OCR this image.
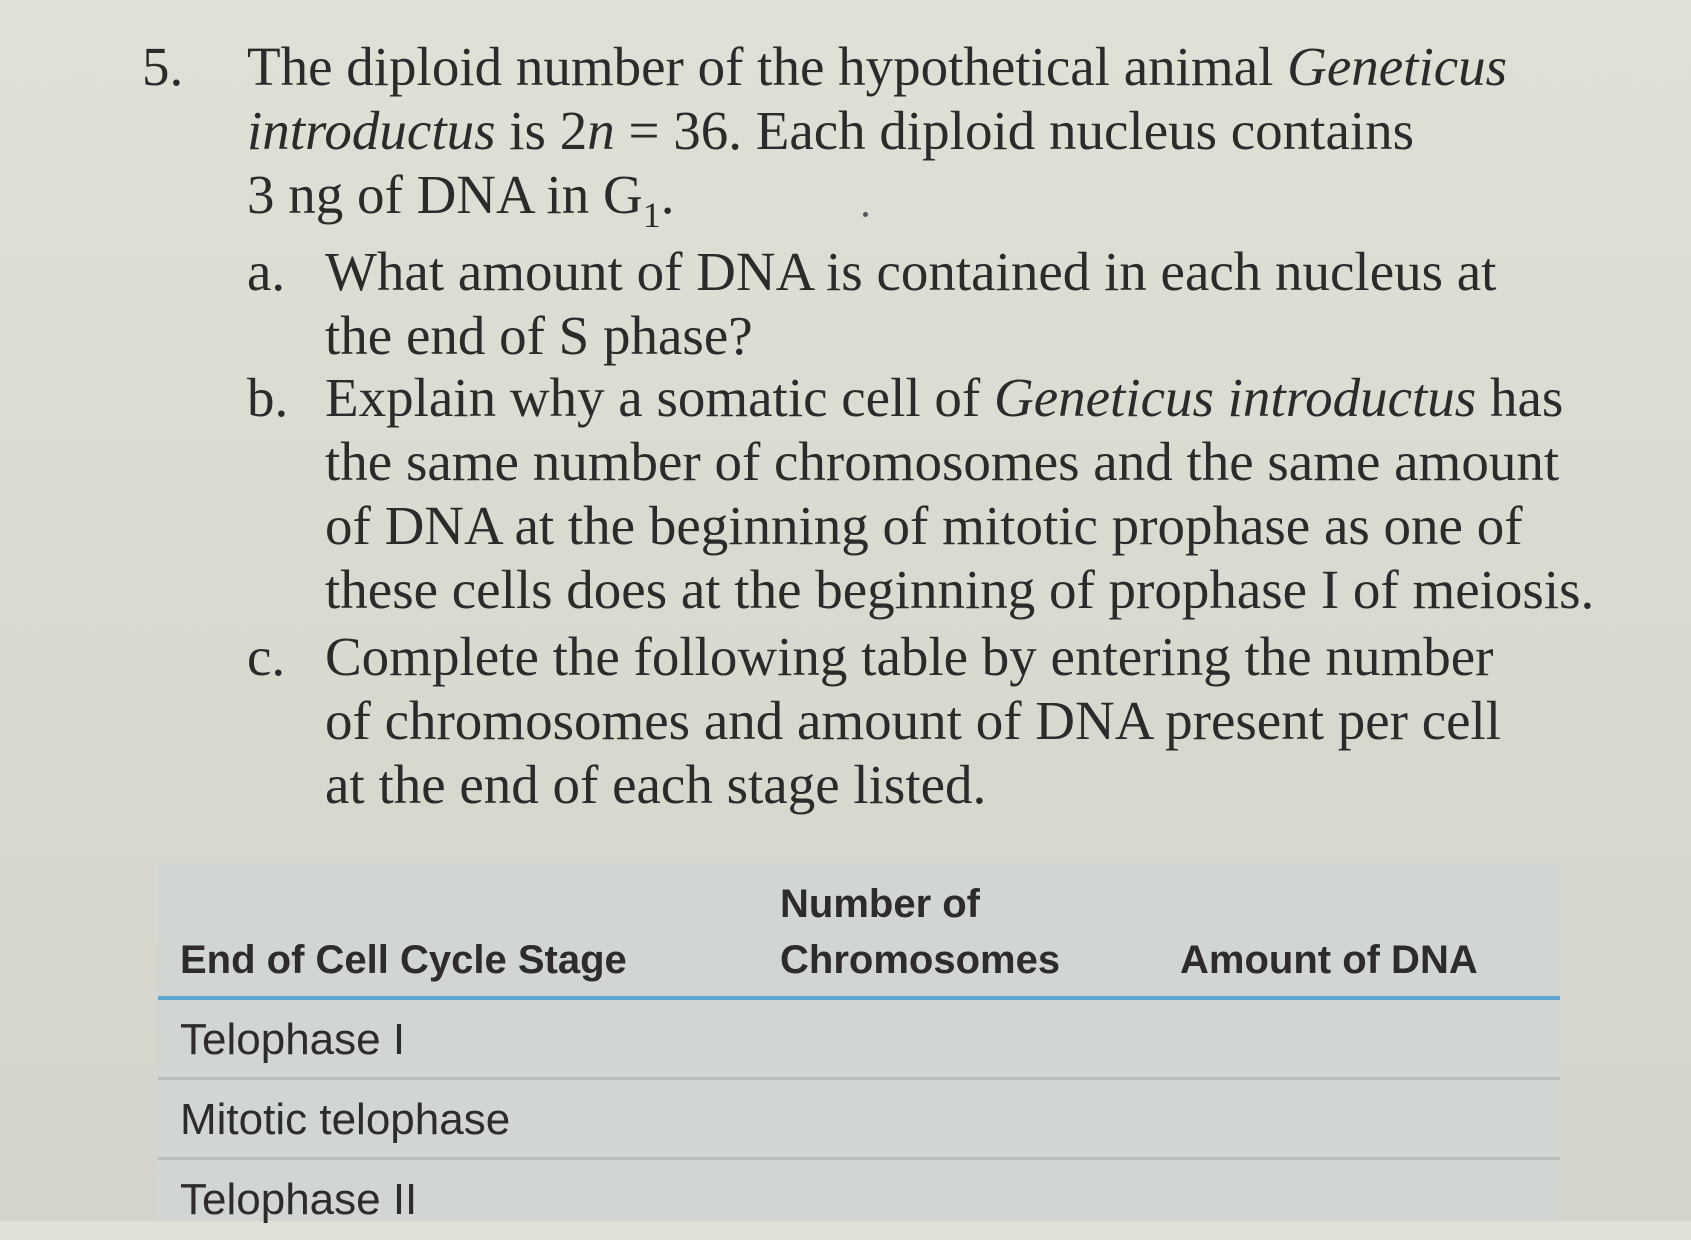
5. The diploid number of the hypothetical animal Geneticus
introductus is 2n = 36. Each diploid nucleus contains
3 ng of DNA in $G_1$.
a. What amount of DNA is contained in each nucleus at
the end of S phase?
b. Explain why a somatic cell of Geneticus introductus has
the same number of chromosomes and the same amount
of DNA at the beginning of mitotic prophase as one of
these cells does at the beginning of prophase I of meiosis.
c. Complete the following table by entering the number
of chromosomes and amount of DNA present per cell
at the end of each stage listed.
End of Cell Cycle Stage
Number of
Chromosomes	Amount of DNA
Telophase I
Mitotic telophase
Telophase II
